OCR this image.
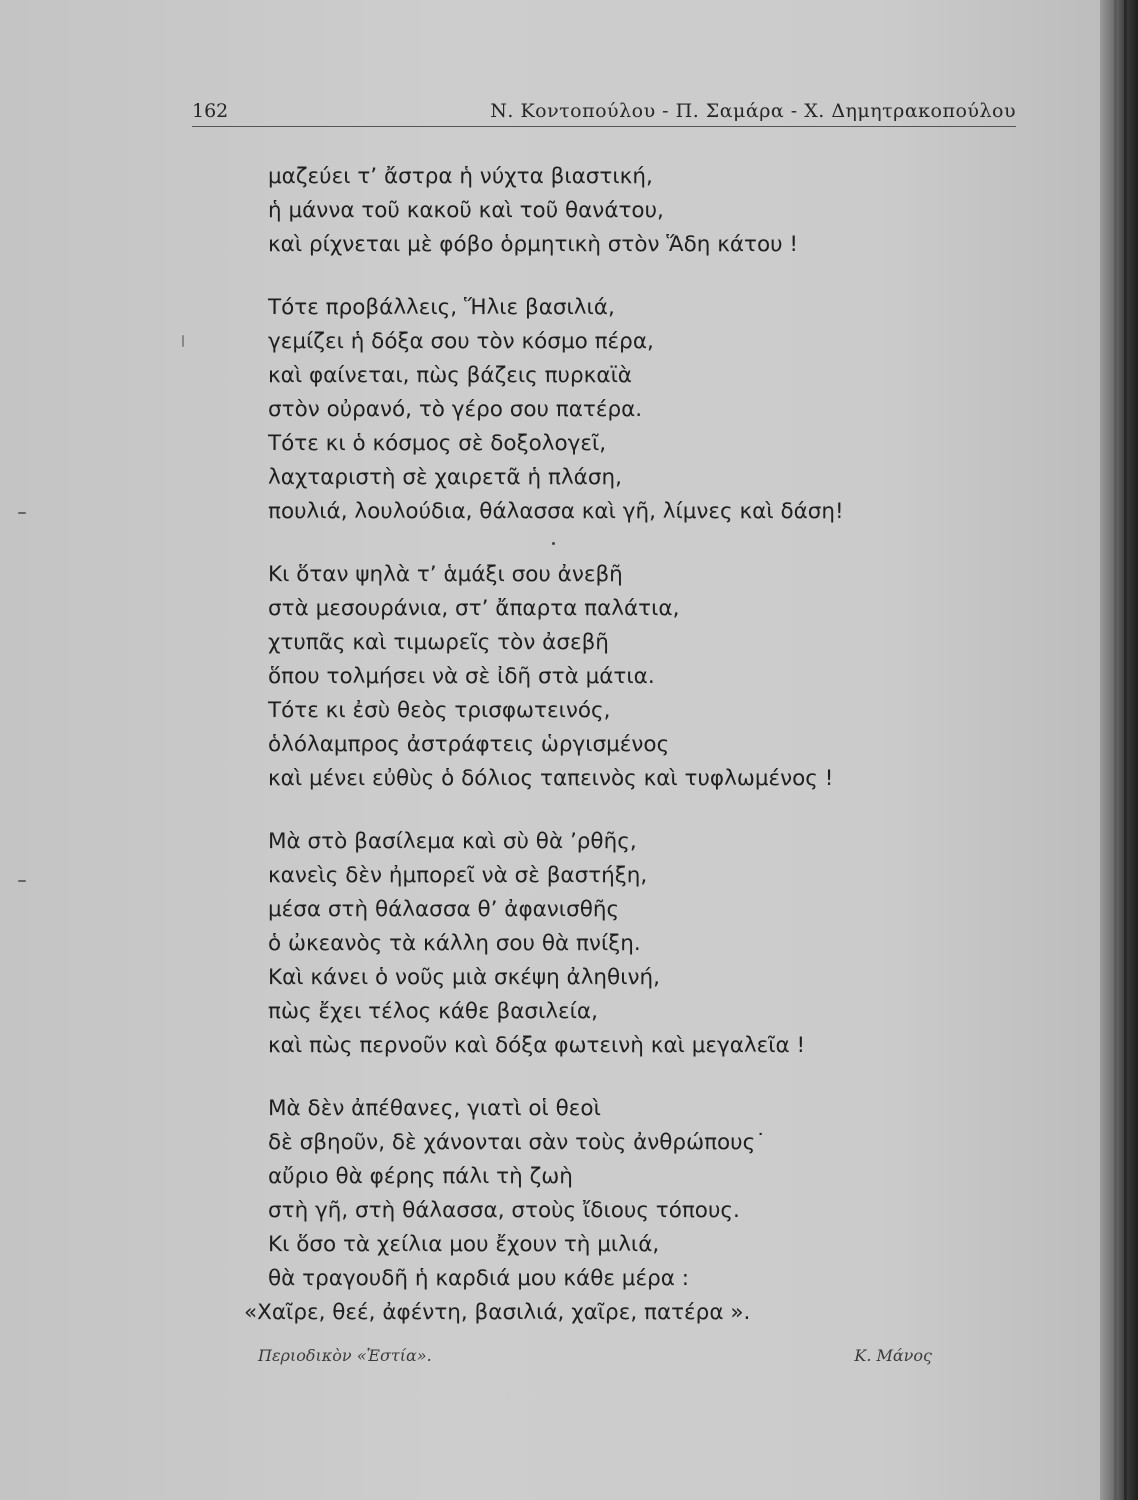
162	Ν. Κοντοπούλου - Π. Σαμάρα - Χ. Δημητρακοπούλου
μαζεύει τ’ ἄστρα ἡ νύχτα βιαστική,
ἡ μάννα τοῦ κακοῦ καὶ τοῦ θανάτου,
καὶ ρίχνεται μὲ φόβο ὁρμητικὴ στὸν Ἅδη κάτου !
Τότε προβάλλεις, Ἥλιε βασιλιά,
γεμίζει ἡ δόξα σου τὸν κόσμο πέρα,
καὶ φαίνεται, πὼς βάζεις πυρκαϊὰ
στὸν οὐρανό, τὸ γέρο σου πατέρα.
Τότε κι ὁ κόσμος σὲ δοξολογεῖ,
λαχταριστὴ σὲ χαιρετᾶ ἡ πλάση,
πουλιά, λουλούδια, θάλασσα καὶ γῆ, λίμνες καὶ δάση!
Κι ὅταν ψηλὰ τ’ ἁμάξι σου ἀνεβῆ
στὰ μεσουράνια, στ’ ἄπαρτα παλάτια,
χτυπᾶς καὶ τιμωρεῖς τὸν ἀσεβῆ
ὅπου τολμήσει νὰ σὲ ἰδῆ στὰ μάτια.
Τότε κι ἐσὺ θεὸς τρισφωτεινός,
ὁλόλαμπρος ἀστράφτεις ὡργισμένος
καὶ μένει εὐθὺς ὁ δόλιος ταπεινὸς καὶ τυφλωμένος !
Μὰ στὸ βασίλεμα καὶ σὺ θὰ ’ρθῆς,
κανεὶς δὲν ἠμπορεῖ νὰ σὲ βαστήξη,
μέσα στὴ θάλασσα θ’ ἀφανισθῆς
ὁ ὠκεανὸς τὰ κάλλη σου θὰ πνίξη.
Καὶ κάνει ὁ νοῦς μιὰ σκέψη ἀληθινή,
πὼς ἔχει τέλος κάθε βασιλεία,
καὶ πὼς περνοῦν καὶ δόξα φωτεινὴ καὶ μεγαλεῖα !
Μὰ δὲν ἀπέθανες, γιατὶ οἱ θεοὶ
δὲ σβηοῦν, δὲ χάνονται σὰν τοὺς ἀνθρώπους˙
αὔριο θὰ φέρης πάλι τὴ ζωὴ
στὴ γῆ, στὴ θάλασσα, στοὺς ἴδιους τόπους.
Κι ὅσο τὰ χείλια μου ἔχουν τὴ μιλιά,
θὰ τραγουδῆ ἡ καρδιά μου κάθε μέρα :
«Χαῖρε, θεέ, ἀφέντη, βασιλιά, χαῖρε, πατέρα ».
Περιοδικὸν «Ἑστία».	Κ. Μάνος
